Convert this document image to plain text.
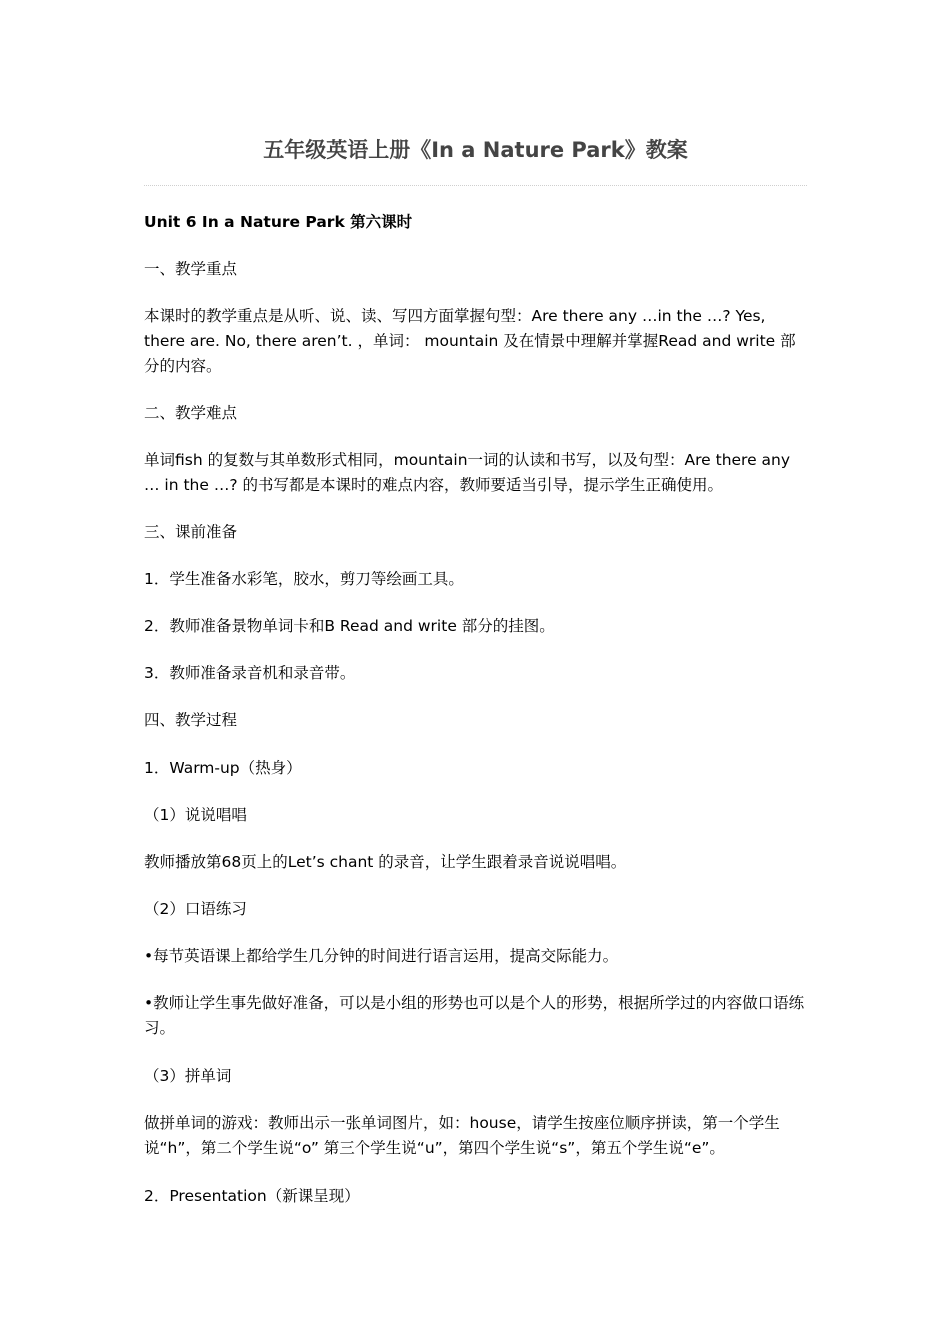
五年级英语上册《In a Nature Park》教案

Unit 6 In a Nature Park 第六课时

一、教学重点

本课时的教学重点是从听、说、读、写四方面掌握句型：Are there any …in the …? Yes, there are. No, there aren’t. ，单词： mountain 及在情景中理解并掌握Read and write 部分的内容。

二、教学难点

单词fish 的复数与其单数形式相同，mountain一词的认读和书写，以及句型：Are there any … in the …? 的书写都是本课时的难点内容，教师要适当引导，提示学生正确使用。

三、课前准备

1．学生准备水彩笔，胶水，剪刀等绘画工具。

2．教师准备景物单词卡和B Read and write 部分的挂图。

3．教师准备录音机和录音带。

四、教学过程

1．Warm-up（热身）

（1）说说唱唱

教师播放第68页上的Let’s chant 的录音，让学生跟着录音说说唱唱。

（2）口语练习

•每节英语课上都给学生几分钟的时间进行语言运用，提高交际能力。

•教师让学生事先做好准备，可以是小组的形势也可以是个人的形势，根据所学过的内容做口语练习。

（3）拼单词

做拼单词的游戏：教师出示一张单词图片，如：house，请学生按座位顺序拼读，第一个学生说“h”，第二个学生说“o” 第三个学生说“u”，第四个学生说“s”，第五个学生说“e”。

2．Presentation（新课呈现）
